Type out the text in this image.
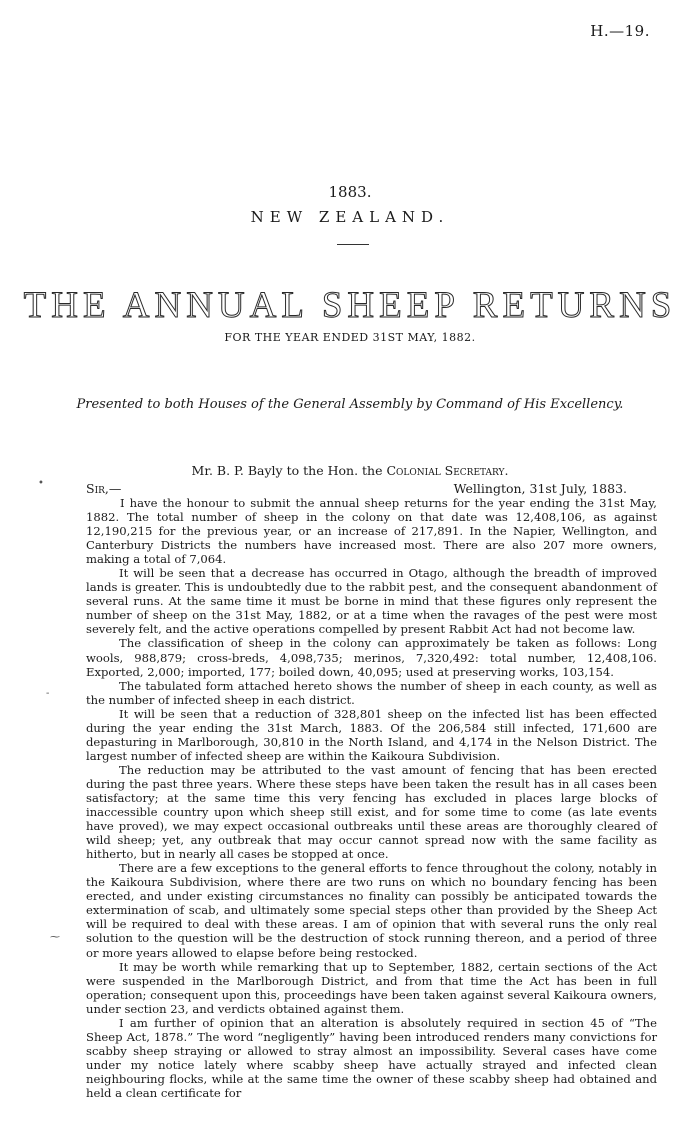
H.—19.
1883.
NEW ZEALAND.
THE ANNUAL SHEEP RETURNS
FOR THE YEAR ENDED 31ST MAY, 1882.
Presented to both Houses of the General Assembly by Command of His Excellency.
Mr. B. P. Bayly to the Hon. the Colonial Secretary.
Sir,—	Wellington, 31st July, 1883.

I have the honour to submit the annual sheep returns for the year ending the 31st May, 1882. The total number of sheep in the colony on that date was 12,408,106, as against 12,190,215 for the previous year, or an increase of 217,891. In the Napier, Wellington, and Canterbury Districts the numbers have increased most. There are also 207 more owners, making a total of 7,064.

It will be seen that a decrease has occurred in Otago, although the breadth of improved lands is greater. This is undoubtedly due to the rabbit pest, and the consequent abandonment of several runs. At the same time it must be borne in mind that these figures only represent the number of sheep on the 31st May, 1882, or at a time when the ravages of the pest were most severely felt, and the active operations compelled by present Rabbit Act had not become law.

The classification of sheep in the colony can approximately be taken as follows: Long wools, 988,879; cross-breds, 4,098,735; merinos, 7,320,492: total number, 12,408,106. Exported, 2,000; imported, 177; boiled down, 40,095; used at preserving works, 103,154.

The tabulated form attached hereto shows the number of sheep in each county, as well as the number of infected sheep in each district.

It will be seen that a reduction of 328,801 sheep on the infected list has been effected during the year ending the 31st March, 1883. Of the 206,584 still infected, 171,600 are depasturing in Marlborough, 30,810 in the North Island, and 4,174 in the Nelson District. The largest number of infected sheep are within the Kaikoura Subdivision.

The reduction may be attributed to the vast amount of fencing that has been erected during the past three years. Where these steps have been taken the result has in all cases been satisfactory; at the same time this very fencing has excluded in places large blocks of inaccessible country upon which sheep still exist, and for some time to come (as late events have proved), we may expect occasional outbreaks until these areas are thoroughly cleared of wild sheep; yet, any outbreak that may occur cannot spread now with the same facility as hitherto, but in nearly all cases be stopped at once.

There are a few exceptions to the general efforts to fence throughout the colony, notably in the Kaikoura Subdivision, where there are two runs on which no boundary fencing has been erected, and under existing circumstances no finality can possibly be anticipated towards the extermination of scab, and ultimately some special steps other than provided by the Sheep Act will be required to deal with these areas. I am of opinion that with several runs the only real solution to the question will be the destruction of stock running thereon, and a period of three or more years allowed to elapse before being restocked.

It may be worth while remarking that up to September, 1882, certain sections of the Act were suspended in the Marlborough District, and from that time the Act has been in full operation; consequent upon this, proceedings have been taken against several Kaikoura owners, under section 23, and verdicts obtained against them.

I am further of opinion that an alteration is absolutely required in section 45 of “The Sheep Act, 1878.” The word “negligently” having been introduced renders many convictions for scabby sheep straying or allowed to stray almost an impossibility. Several cases have come under my notice lately where scabby sheep have actually strayed and infected clean neighbouring flocks, while at the same time the owner of these scabby sheep had obtained and held a clean certificate for

•
-
⁓
